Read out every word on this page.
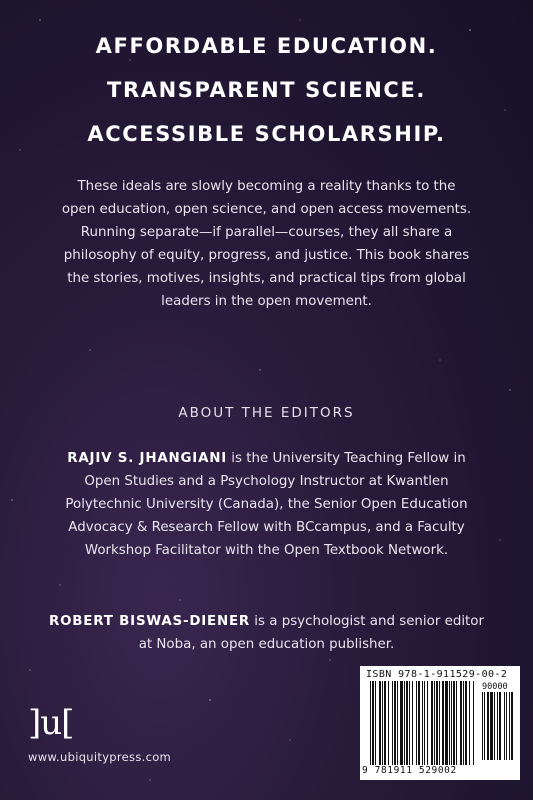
AFFORDABLE EDUCATION.
TRANSPARENT SCIENCE.
ACCESSIBLE SCHOLARSHIP.
These ideals are slowly becoming a reality thanks to the
open education, open science, and open access movements.
Running separate—if parallel—courses, they all share a
philosophy of equity, progress, and justice. This book shares
the stories, motives, insights, and practical tips from global
leaders in the open movement.
ABOUT THE EDITORS
RAJIV S. JHANGIANI is the University Teaching Fellow in
Open Studies and a Psychology Instructor at Kwantlen
Polytechnic University (Canada), the Senior Open Education
Advocacy & Research Fellow with BCcampus, and a Faculty
Workshop Facilitator with the Open Textbook Network.
ROBERT BISWAS-DIENER is a psychologist and senior editor
at Noba, an open education publisher.
]u[
www.ubiquitypress.com
ISBN 978-1-911529-00-2
90000
9 781911 529002
